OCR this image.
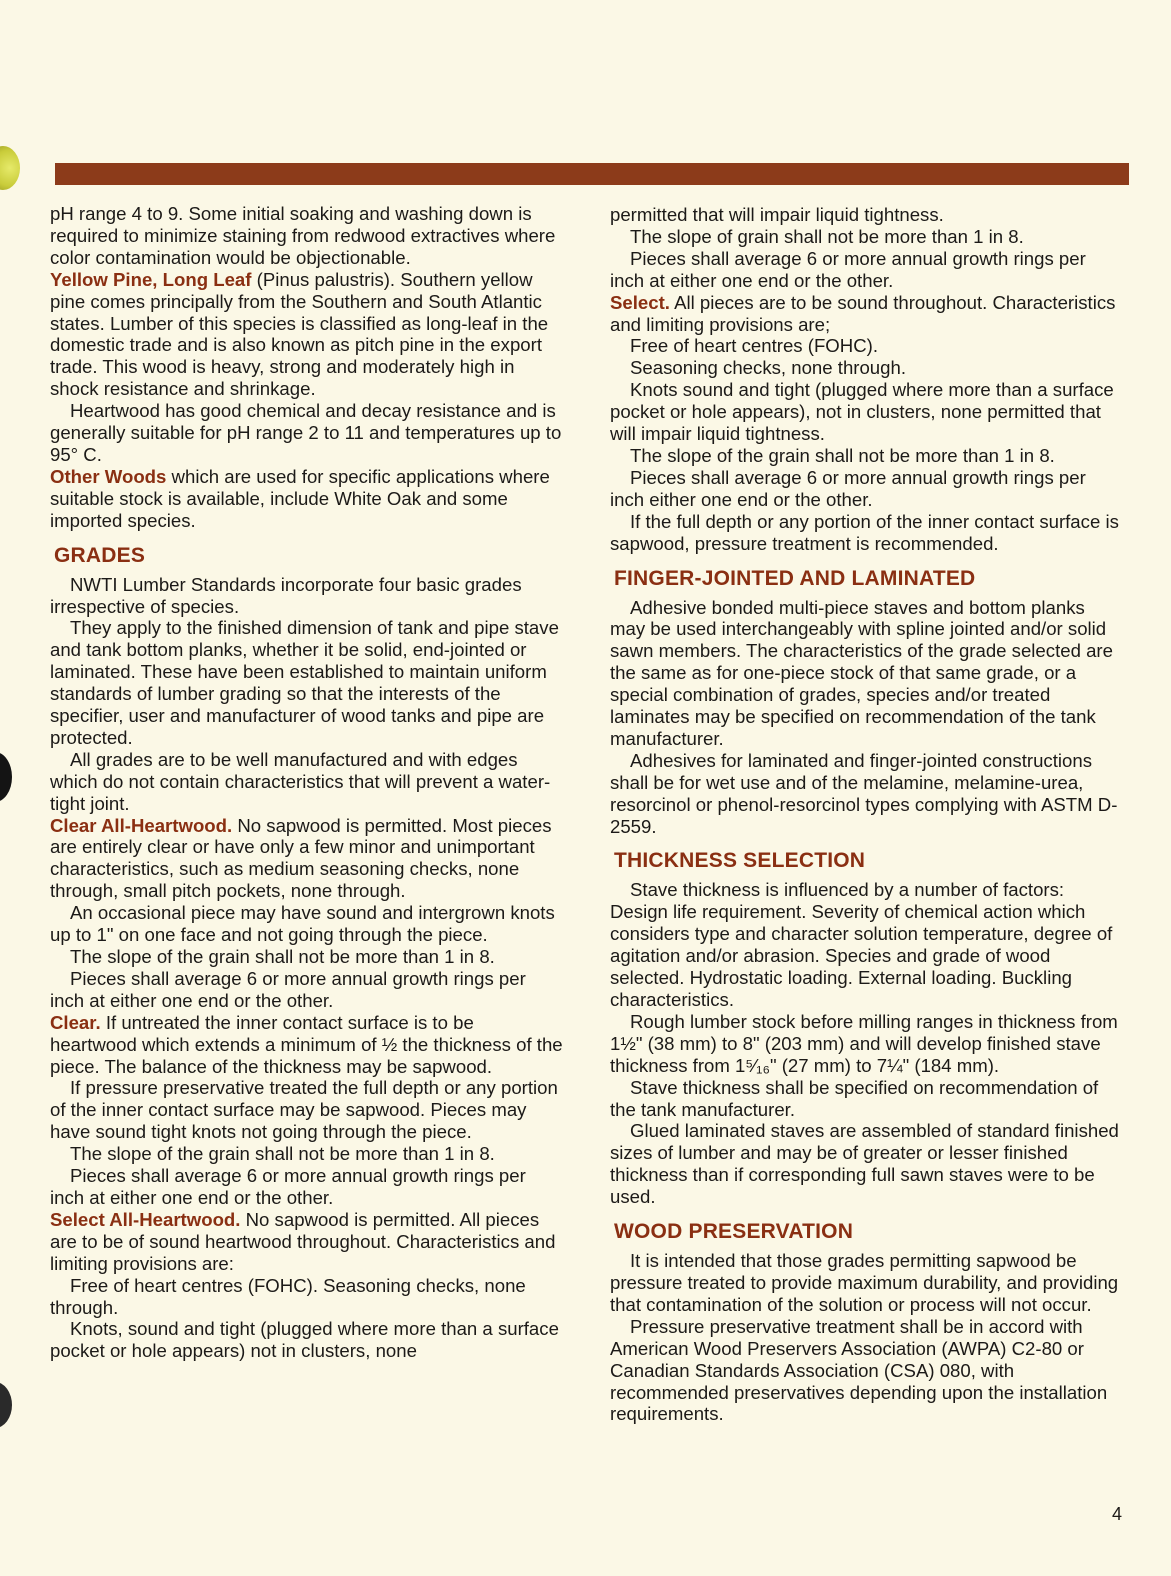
pH range 4 to 9. Some initial soaking and washing down is required to minimize staining from redwood extractives where color contamination would be objectionable.

Yellow Pine, Long Leaf (Pinus palustris). Southern yellow pine comes principally from the Southern and South Atlantic states. Lumber of this species is classified as long-leaf in the domestic trade and is also known as pitch pine in the export trade. This wood is heavy, strong and moderately high in shock resistance and shrinkage.

Heartwood has good chemical and decay resistance and is generally suitable for pH range 2 to 11 and temperatures up to 95° C.

Other Woods which are used for specific applications where suitable stock is available, include White Oak and some imported species.

GRADES

NWTI Lumber Standards incorporate four basic grades irrespective of species.

They apply to the finished dimension of tank and pipe stave and tank bottom planks, whether it be solid, end-jointed or laminated. These have been established to maintain uniform standards of lumber grading so that the interests of the specifier, user and manufacturer of wood tanks and pipe are protected.

All grades are to be well manufactured and with edges which do not contain characteristics that will prevent a water-tight joint.

Clear All-Heartwood. No sapwood is permitted. Most pieces are entirely clear or have only a few minor and unimportant characteristics, such as medium seasoning checks, none through, small pitch pockets, none through.

An occasional piece may have sound and intergrown knots up to 1" on one face and not going through the piece.

The slope of the grain shall not be more than 1 in 8.

Pieces shall average 6 or more annual growth rings per inch at either one end or the other.

Clear. If untreated the inner contact surface is to be heartwood which extends a minimum of ½ the thickness of the piece. The balance of the thickness may be sapwood.

If pressure preservative treated the full depth or any portion of the inner contact surface may be sapwood. Pieces may have sound tight knots not going through the piece.

The slope of the grain shall not be more than 1 in 8.

Pieces shall average 6 or more annual growth rings per inch at either one end or the other.

Select All-Heartwood. No sapwood is permitted. All pieces are to be of sound heartwood throughout. Characteristics and limiting provisions are:

Free of heart centres (FOHC). Seasoning checks, none through.

Knots, sound and tight (plugged where more than a surface pocket or hole appears) not in clusters, none

permitted that will impair liquid tightness.

The slope of grain shall not be more than 1 in 8.

Pieces shall average 6 or more annual growth rings per inch at either one end or the other.

Select. All pieces are to be sound throughout. Characteristics and limiting provisions are;

Free of heart centres (FOHC).

Seasoning checks, none through.

Knots sound and tight (plugged where more than a surface pocket or hole appears), not in clusters, none permitted that will impair liquid tightness.

The slope of the grain shall not be more than 1 in 8.

Pieces shall average 6 or more annual growth rings per inch either one end or the other.

If the full depth or any portion of the inner contact surface is sapwood, pressure treatment is recommended.

FINGER-JOINTED AND LAMINATED

Adhesive bonded multi-piece staves and bottom planks may be used interchangeably with spline jointed and/or solid sawn members. The characteristics of the grade selected are the same as for one-piece stock of that same grade, or a special combination of grades, species and/or treated laminates may be specified on recommendation of the tank manufacturer.

Adhesives for laminated and finger-jointed constructions shall be for wet use and of the melamine, melamine-urea, resorcinol or phenol-resorcinol types complying with ASTM D-2559.

THICKNESS SELECTION

Stave thickness is influenced by a number of factors: Design life requirement. Severity of chemical action which considers type and character solution temperature, degree of agitation and/or abrasion. Species and grade of wood selected. Hydrostatic loading. External loading. Buckling characteristics.

Rough lumber stock before milling ranges in thickness from 1½" (38 mm) to 8" (203 mm) and will develop finished stave thickness from 1⁵⁄₁₆" (27 mm) to 7¼" (184 mm).

Stave thickness shall be specified on recommendation of the tank manufacturer.

Glued laminated staves are assembled of standard finished sizes of lumber and may be of greater or lesser finished thickness than if corresponding full sawn staves were to be used.

WOOD PRESERVATION

It is intended that those grades permitting sapwood be pressure treated to provide maximum durability, and providing that contamination of the solution or process will not occur.

Pressure preservative treatment shall be in accord with American Wood Preservers Association (AWPA) C2-80 or Canadian Standards Association (CSA) 080, with recommended preservatives depending upon the installation requirements.

4
